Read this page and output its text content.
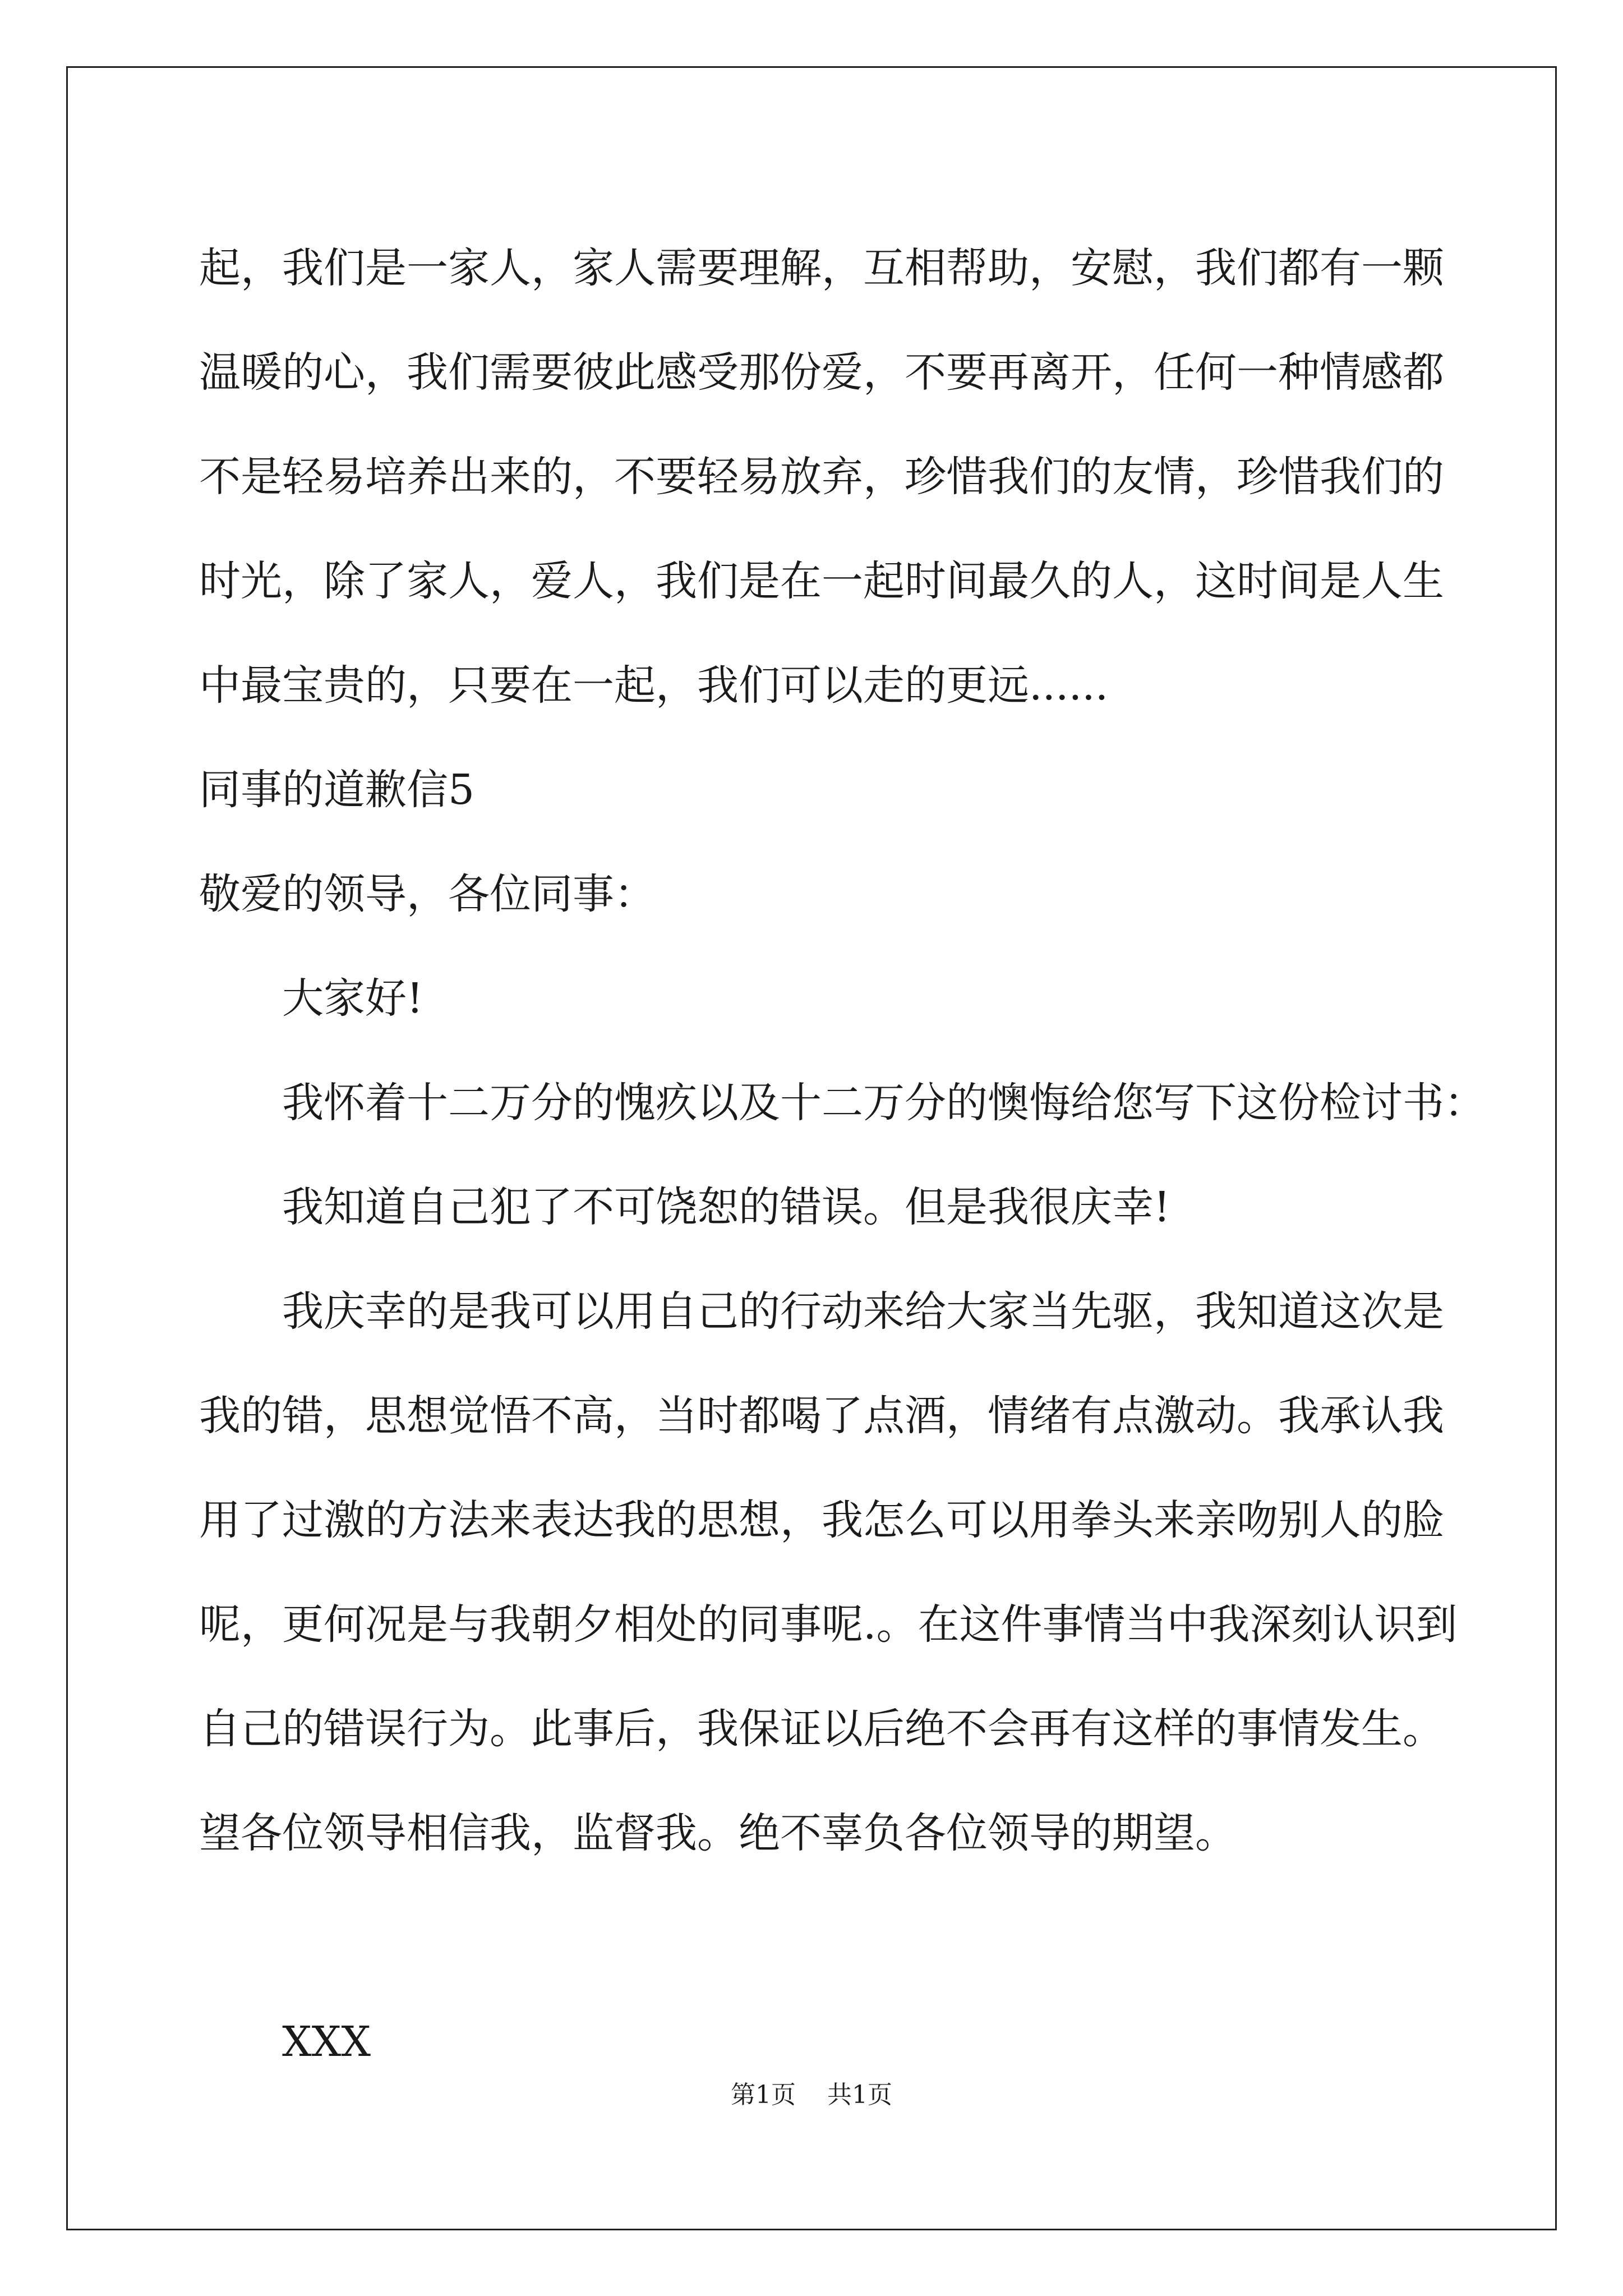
起，我们是一家人，家人需要理解，互相帮助，安慰，我们都有一颗
温暖的心，我们需要彼此感受那份爱，不要再离开，任何一种情感都
不是轻易培养出来的，不要轻易放弃，珍惜我们的友情，珍惜我们的
时光，除了家人，爱人，我们是在一起时间最久的人，这时间是人生
中最宝贵的，只要在一起，我们可以走的更远......
同事的道歉信5
敬爱的领导，各位同事：
大家好!
我怀着十二万分的愧疚以及十二万分的懊悔给您写下这份检讨书：
我知道自己犯了不可饶恕的错误。但是我很庆幸!
我庆幸的是我可以用自己的行动来给大家当先驱，我知道这次是
我的错，思想觉悟不高，当时都喝了点酒，情绪有点激动。我承认我
用了过激的方法来表达我的思想，我怎么可以用拳头来亲吻别人的脸
呢，更何况是与我朝夕相处的同事呢.。在这件事情当中我深刻认识到
自己的错误行为。此事后，我保证以后绝不会再有这样的事情发生。
望各位领导相信我，监督我。绝不辜负各位领导的期望。
XXX
第1页 共1页
